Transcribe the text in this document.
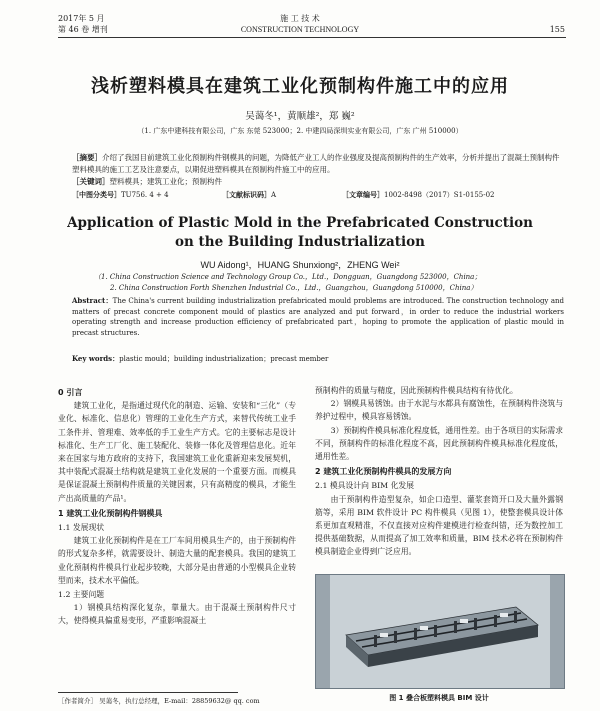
2017年 5 月
第 46 卷 增刊
施 工 技 术
CONSTRUCTION TECHNOLOGY	155
浅析塑料模具在建筑工业化预制构件施工中的应用
吴蔼冬¹，黄顺雄²，郑 巍²
（1. 广东中建科技有限公司，广东 东莞 523000；2. 中建四局深圳实业有限公司，广东 广州 510000）
［摘要］介绍了我国目前建筑工业化预制构件钢模具的问题，为降低产业工人的作业强度及提高预制构件的生产效率，分析并提出了混凝土预制构件塑料模具的施工工艺及注意要点，以期促进塑料模具在预制构件施工中的应用。
［关键词］塑料模具；建筑工业化；预制构件
［中图分类号］TU756. 4 + 4	［文献标识码］A	［文章编号］1002-8498（2017）S1-0155-02
Application of Plastic Mold in the Prefabricated Construction
on the Building Industrialization
WU Aidong¹，HUANG Shunxiong²，ZHENG Wei²
（1. China Construction Science and Technology Group Co.，Ltd.，Dongguan，Guangdong 523000，China；
2. China Construction Forth Shenzhen Industrial Co.，Ltd.，Guangzhou，Guangdong 510000，China）
Abstract：The China's current building industrialization prefabricated mould problems are introduced. The construction technology and matters of precast concrete component mould of plastics are analyzed and put forward，in order to reduce the industrial workers operating strength and increase production efficiency of prefabricated part，hoping to promote the application of plastic mould in precast structures.
Key words：plastic mould；building industrialization；precast member
0 引言

建筑工业化，是指通过现代化的制造、运输、安装和“三化”（专业化、标准化、信息化）管理的工业化生产方式，来替代传统工业手工条件并、管理难、效率低的手工业生产方式。它的主要标志是设计标准化、生产工厂化、施工装配化、装修一体化及管理信息化。近年来在国家与地方政府的支持下，我国建筑工业化重新迎来发展契机，其中装配式混凝土结构就是建筑工业化发展的一个重要方面。而模具是保证混凝土预制构件质量的关键因素，只有高精度的模具，才能生产出高质量的产品¹。

1 建筑工业化预制构件钢模具
1.1 发展现状

建筑工业化预制构件是在工厂车间用模具生产的，由于预制构件的形式复杂多样，就需要设计、制造大量的配套模具。我国的建筑工业化预制构件模具行业起步较晚，大部分是由普通的小型模具企业转型而来，技术水平偏低。

1.2 主要问题

1）钢模具结构深化复杂，靠量大。由于混凝土预制构件尺寸大，使得模具偏重易变形，严重影响混凝土

［作者简介］ 吴蔼冬，执行总经理，E-mail：28859632@ qq. com

预制构件的质量与精度，因此预制构件模具结构有待优化。

2）钢模具易锈蚀。由于水泥与水都具有腐蚀性，在预制构件浇筑与养护过程中，模具容易锈蚀。

3）预制构件模具标准化程度低，通用性差。由于各项目的实际需求不同，预制构件的标准化程度不高，因此预制构件模具标准化程度低，通用性差。

2 建筑工业化预制构件模具的发展方向
2.1 模具设计向 BIM 化发展

由于预制构件造型复杂，如企口造型、灌浆套筒开口及大量外露钢筋等，采用 BIM 软件设计 PC 构件模具（见图 1），使整套模具设计体系更加直观精准，不仅直接对应构件建模进行检查纠错，还为数控加工提供基础数据，从而提高了加工效率和质量，BIM 技术必将在预制构件模具制造企业得到广泛应用。

图 1 叠合板塑料模具 BIM 设计
